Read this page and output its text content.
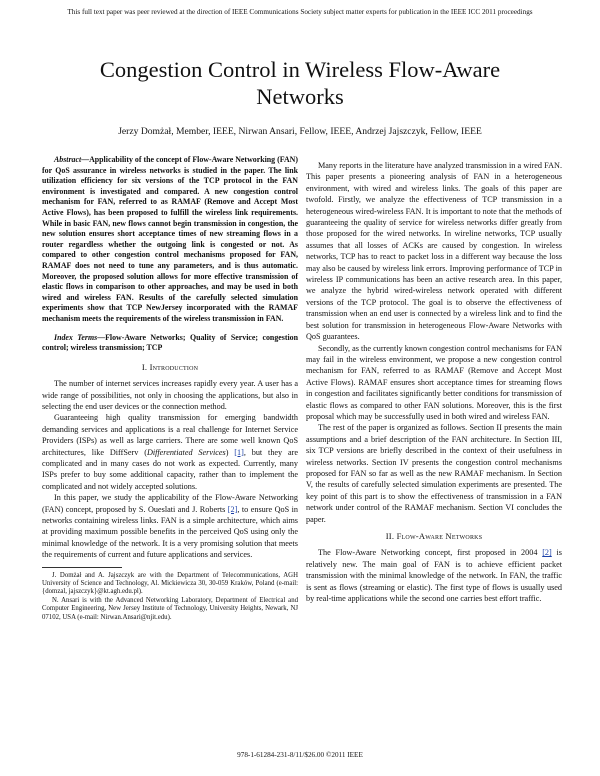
This full text paper was peer reviewed at the direction of IEEE Communications Society subject matter experts for publication in the IEEE ICC 2011 proceedings
Congestion Control in Wireless Flow-Aware
Networks
Jerzy Domżał, Member, IEEE, Nirwan Ansari, Fellow, IEEE, Andrzej Jajszczyk, Fellow, IEEE

Abstract—Applicability of the concept of Flow-Aware Networking (FAN) for QoS assurance in wireless networks is studied in the paper. The link utilization efficiency for six versions of the TCP protocol in the FAN environment is investigated and compared. A new congestion control mechanism for FAN, referred to as RAMAF (Remove and Accept Most Active Flows), has been proposed to fulfill the wireless link requirements. While in basic FAN, new flows cannot begin transmission in congestion, the new solution ensures short acceptance times of new streaming flows in a router regardless whether the outgoing link is congested or not. As compared to other congestion control mechanisms proposed for FAN, RAMAF does not need to tune any parameters, and is thus automatic. Moreover, the proposed solution allows for more effective transmission of elastic flows in comparison to other approaches, and may be used in both wired and wireless FAN. Results of the carefully selected simulation experiments show that TCP NewJersey incorporated with the RAMAF mechanism meets the requirements of the wireless transmission in FAN.

Index Terms—Flow-Aware Networks; Quality of Service; congestion control; wireless transmission; TCP

I. Introduction

The number of internet services increases rapidly every year. A user has a wide range of possibilities, not only in choosing the applications, but also in selecting the end user devices or the connection method.

Guaranteeing high quality transmission for emerging bandwidth demanding services and applications is a real challenge for Internet Service Providers (ISPs) as well as large carriers. There are some well known QoS architectures, like DiffServ (Differentiated Services) [1], but they are complicated and in many cases do not work as expected. Currently, many ISPs prefer to buy some additional capacity, rather than to implement the complicated and not widely accepted solutions.

In this paper, we study the applicability of the Flow-Aware Networking (FAN) concept, proposed by S. Oueslati and J. Roberts [2], to ensure QoS in networks containing wireless links. FAN is a simple architecture, which aims at providing maximum possible benefits in the perceived QoS using only the minimal knowledge of the network. It is a very promising solution that meets the requirements of current and future applications and services.

J. Domżał and A. Jajszczyk are with the Department of Telecommunications, AGH University of Science and Technology, Al. Mickiewicza 30, 30-059 Kraków, Poland (e-mail: {domzal, jajszczyk}@kt.agh.edu.pl).

N. Ansari is with the Advanced Networking Laboratory, Department of Electrical and Computer Engineering, New Jersey Institute of Technology, University Heights, Newark, NJ 07102, USA (e-mail: Nirwan.Ansari@njit.edu).

Many reports in the literature have analyzed transmission in a wired FAN. This paper presents a pioneering analysis of FAN in a heterogeneous environment, with wired and wireless links. The goals of this paper are twofold. Firstly, we analyze the effectiveness of TCP transmission in a heterogeneous wired-wireless FAN. It is important to note that the methods of guaranteeing the quality of service for wireless networks differ greatly from those proposed for the wired networks. In wireline networks, TCP usually assumes that all losses of ACKs are caused by congestion. In wireless networks, TCP has to react to packet loss in a different way because the loss may also be caused by wireless link errors. Improving performance of TCP in wireless IP communications has been an active research area. In this paper, we analyze the hybrid wired-wireless network operated with different versions of the TCP protocol. The goal is to observe the effectiveness of transmission when an end user is connected by a wireless link and to find the best solution for transmission in heterogeneous Flow-Aware Networks with QoS guarantees.

Secondly, as the currently known congestion control mechanisms for FAN may fail in the wireless environment, we propose a new congestion control mechanism for FAN, referred to as RAMAF (Remove and Accept Most Active Flows). RAMAF ensures short acceptance times for streaming flows in congestion and facilitates significantly better conditions for transmission of elastic flows as compared to other FAN solutions. Moreover, this is the first proposal which may be successfully used in both wired and wireless FAN.

The rest of the paper is organized as follows. Section II presents the main assumptions and a brief description of the FAN architecture. In Section III, six TCP versions are briefly described in the context of their usefulness in wireless networks. Section IV presents the congestion control mechanisms proposed for FAN so far as well as the new RAMAF mechanism. In Section V, the results of carefully selected simulation experiments are presented. The key point of this part is to show the effectiveness of transmission in a FAN network under control of the RAMAF mechanism. Section VI concludes the paper.

II. Flow-Aware Networks

The Flow-Aware Networking concept, first proposed in 2004 [2] is relatively new. The main goal of FAN is to achieve efficient packet transmission with the minimal knowledge of the network. In FAN, the traffic is sent as flows (streaming or elastic). The first type of flows is usually used by real-time applications while the second one carries best effort traffic.

978-1-61284-231-8/11/$26.00 ©2011 IEEE
